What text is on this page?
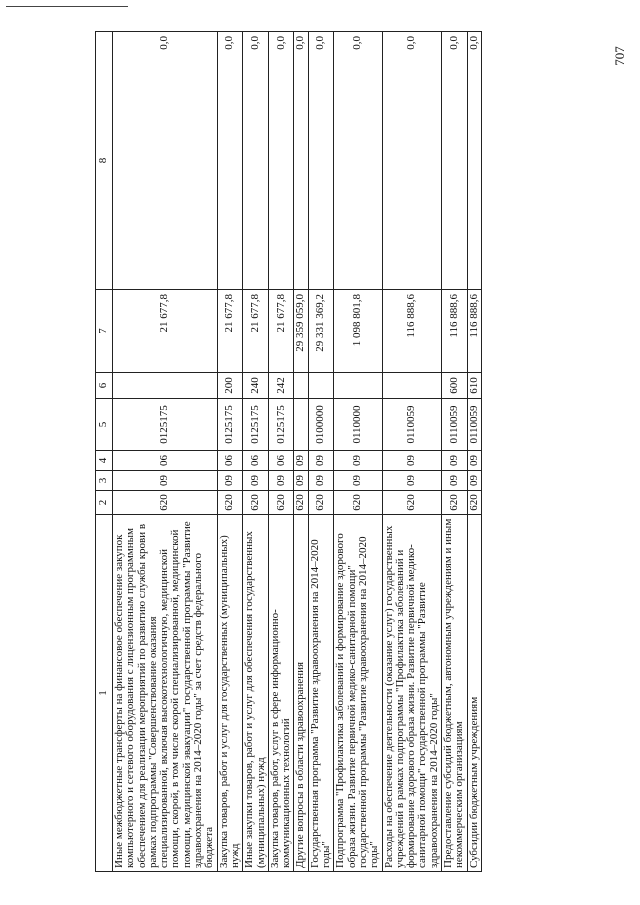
707
1	2	3	4	5	6	7	8
Иные межбюджетные трансферты на финансовое обеспечение закупок компьютерного и сетевого оборудования с лицензионным программным обеспечением для реализации мероприятий по развитию службы крови в рамках подпрограммы "Совершенствование оказания специализированной, включая высокотехнологичную, медицинской помощи, скорой, в том числе скорой специализированной, медицинской помощи, медицинской эвакуации" государственной программы "Развитие здравоохранения на 2014–2020 годы" за счет средств федерального бюджета	620	09	06	0125175		21 677,8	0,0
Закупка товаров, работ и услуг для государственных (муниципальных) нужд	620	09	06	0125175	200	21 677,8	0,0
Иные закупки товаров, работ и услуг для обеспечения государственных (муниципальных) нужд	620	09	06	0125175	240	21 677,8	0,0
Закупка товаров, работ, услуг в сфере информационно-коммуникационных технологий	620	09	06	0125175	242	21 677,8	0,0
Другие вопросы в области здравоохранения	620	09	09			29 359 059,0	0,0
Государственная программа "Развитие здравоохранения на 2014–2020 годы"	620	09	09	0100000		29 331 369,2	0,0
Подпрограмма "Профилактика заболеваний и формирование здорового образа жизни. Развитие первичной медико-санитарной помощи" государственной программы "Развитие здравоохранения на 2014–2020 годы"	620	09	09	0110000		1 098 801,8	0,0
Расходы на обеспечение деятельности (оказание услуг) государственных учреждений в рамках подпрограммы "Профилактика заболеваний и формирование здорового образа жизни. Развитие первичной медико-санитарной помощи" государственной программы "Развитие здравоохранения на 2014–2020 годы"	620	09	09	0110059		116 888,6	0,0
Предоставление субсидий бюджетным, автономным учреждениям и иным некоммерческим организациям	620	09	09	0110059	600	116 888,6	0,0
Субсидии бюджетным учреждениям	620	09	09	0110059	610	116 888,6	0,0
